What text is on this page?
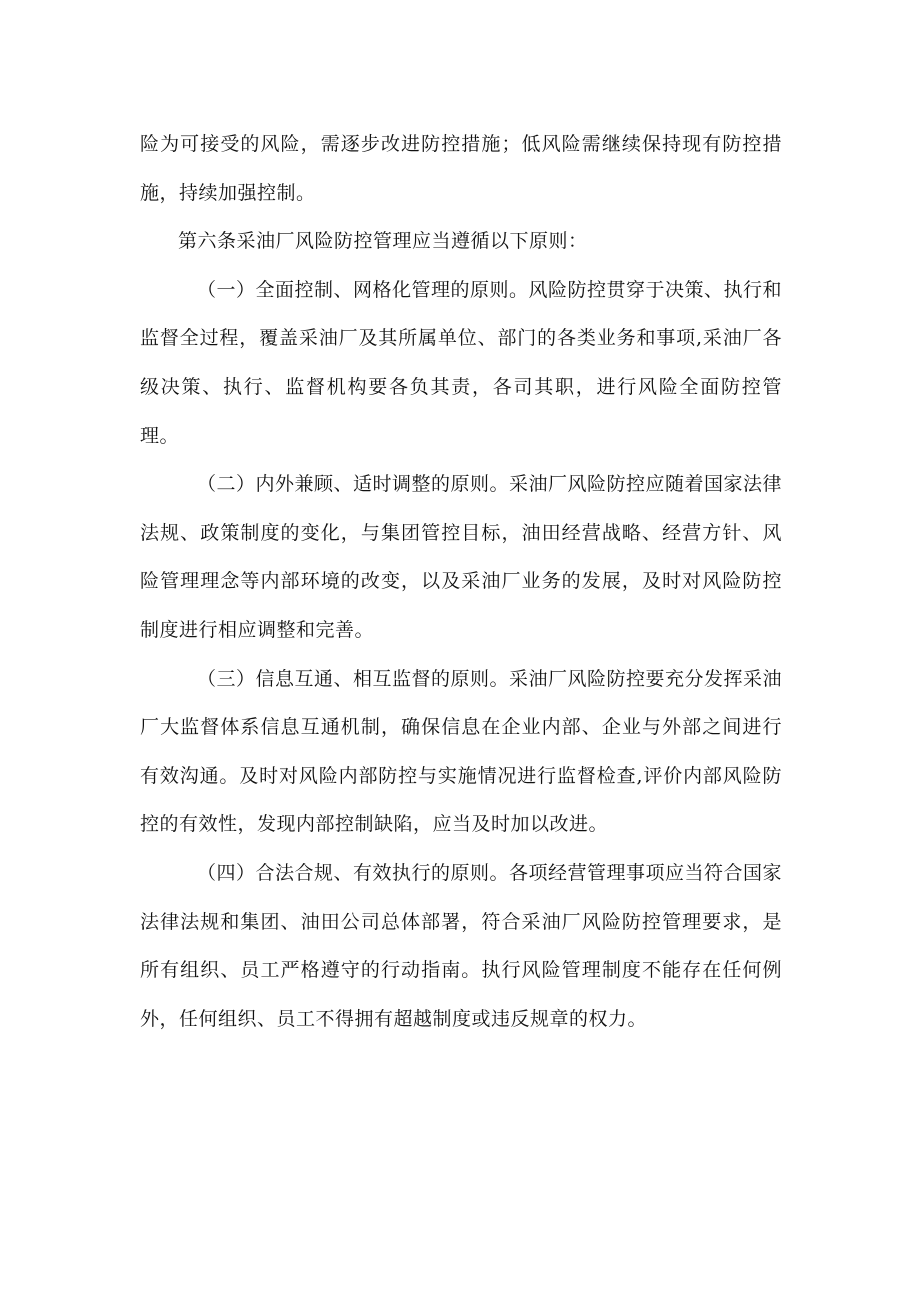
险为可接受的风险，需逐步改进防控措施；低风险需继续保持现有防控措施，持续加强控制。

第六条采油厂风险防控管理应当遵循以下原则：

（一）全面控制、网格化管理的原则。风险防控贯穿于决策、执行和监督全过程，覆盖采油厂及其所属单位、部门的各类业务和事项,采油厂各级决策、执行、监督机构要各负其责，各司其职，进行风险全面防控管理。

（二）内外兼顾、适时调整的原则。采油厂风险防控应随着国家法律法规、政策制度的变化，与集团管控目标，油田经营战略、经营方针、风险管理理念等内部环境的改变，以及采油厂业务的发展，及时对风险防控制度进行相应调整和完善。

（三）信息互通、相互监督的原则。采油厂风险防控要充分发挥采油厂大监督体系信息互通机制，确保信息在企业内部、企业与外部之间进行有效沟通。及时对风险内部防控与实施情况进行监督检查,评价内部风险防控的有效性，发现内部控制缺陷，应当及时加以改进。

（四）合法合规、有效执行的原则。各项经营管理事项应当符合国家法律法规和集团、油田公司总体部署，符合采油厂风险防控管理要求，是所有组织、员工严格遵守的行动指南。执行风险管理制度不能存在任何例外，任何组织、员工不得拥有超越制度或违反规章的权力。
